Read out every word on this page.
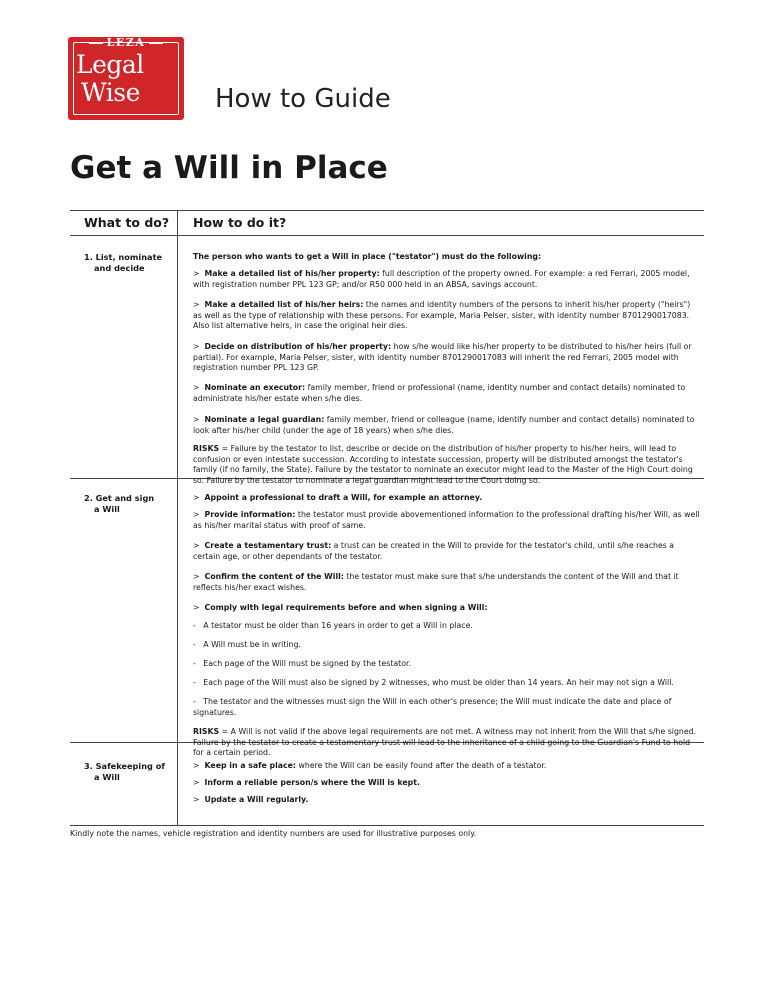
LEZA
Legal
Wise	How to Guide
Get a Will in Place
What to do? How to do it?
1. List, nominate
and decide

The person who wants to get a Will in place ("testator") must do the following:

> Make a detailed list of his/her property: full description of the property owned. For example: a red Ferrari, 2005 model, with registration number PPL 123 GP; and/or R50 000 held in an ABSA, savings account.

> Make a detailed list of his/her heirs: the names and identity numbers of the persons to inherit his/her property ("heirs") as well as the type of relationship with these persons. For example, Maria Pelser, sister, with identity number 8701290017083. Also list alternative heirs, in case the original heir dies.

> Decide on distribution of his/her property: how s/he would like his/her property to be distributed to his/her heirs (full or partial). For example, Maria Pelser, sister, with identity number 8701290017083 will inherit the red Ferrari, 2005 model with registration number PPL 123 GP.

> Nominate an executor: family member, friend or professional (name, identity number and contact details) nominated to administrate his/her estate when s/he dies.

> Nominate a legal guardian: family member, friend or colleague (name, identify number and contact details) nominated to look after his/her child (under the age of 18 years) when s/he dies.

RISKS = Failure by the testator to list, describe or decide on the distribution of his/her property to his/her heirs, will lead to confusion or even intestate succession. According to intestate succession, property will be distributed amongst the testator's family (if no family, the State). Failure by the testator to nominate an executor might lead to the Master of the High Court doing so. Failure by the testator to nominate a legal guardian might lead to the Court doing so.

2. Get and sign
a Will

> Appoint a professional to draft a Will, for example an attorney.

> Provide information: the testator must provide abovementioned information to the professional drafting his/her Will, as well as his/her marital status with proof of same.

> Create a testamentary trust: a trust can be created in the Will to provide for the testator's child, until s/he reaches a certain age, or other dependants of the testator.

> Confirm the content of the Will: the testator must make sure that s/he understands the content of the Will and that it reflects his/her exact wishes.

> Comply with legal requirements before and when signing a Will:

- A testator must be older than 16 years in order to get a Will in place.

- A Will must be in writing.

- Each page of the Will must be signed by the testator.

- Each page of the Will must also be signed by 2 witnesses, who must be older than 14 years. An heir may not sign a Will.

- The testator and the witnesses must sign the Will in each other's presence; the Will must indicate the date and place of signatures.

RISKS = A Will is not valid if the above legal requirements are not met. A witness may not inherit from the Will that s/he signed. Failure by the testator to create a testamentary trust will lead to the inheritance of a child going to the Guardian's Fund to hold for a certain period.

3. Safekeeping of
a Will

> Keep in a safe place: where the Will can be easily found after the death of a testator.

> Inform a reliable person/s where the Will is kept.

> Update a Will regularly.

Kindly note the names, vehicle registration and identity numbers are used for illustrative purposes only.
